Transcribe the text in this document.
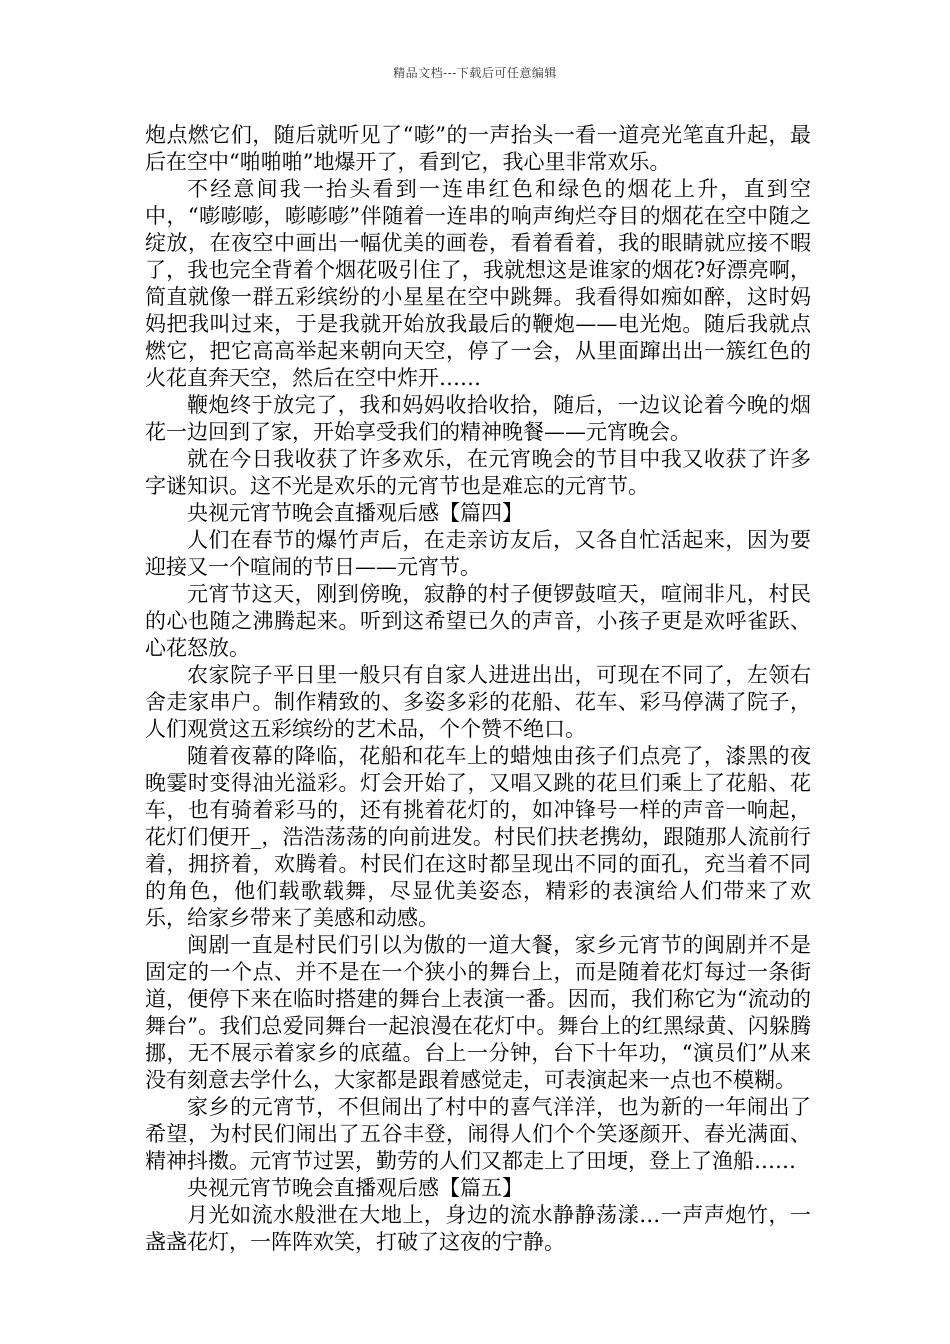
精品文档---下载后可任意编辑

炮点燃它们，随后就听见了“嘭”的一声抬头一看一道亮光笔直升起，最后在空中“啪啪啪”地爆开了，看到它，我心里非常欢乐。

不经意间我一抬头看到一连串红色和绿色的烟花上升，直到空中，“嘭嘭嘭，嘭嘭嘭”伴随着一连串的响声绚烂夺目的烟花在空中随之绽放，在夜空中画出一幅优美的画卷，看着看着，我的眼睛就应接不暇了，我也完全背着个烟花吸引住了，我就想这是谁家的烟花?好漂亮啊，简直就像一群五彩缤纷的小星星在空中跳舞。我看得如痴如醉，这时妈妈把我叫过来，于是我就开始放我最后的鞭炮——电光炮。随后我就点燃它，把它高高举起来朝向天空，停了一会，从里面蹿出出一簇红色的火花直奔天空，然后在空中炸开……

鞭炮终于放完了，我和妈妈收拾收拾，随后，一边议论着今晚的烟花一边回到了家，开始享受我们的精神晚餐——元宵晚会。

就在今日我收获了许多欢乐，在元宵晚会的节目中我又收获了许多字谜知识。这不光是欢乐的元宵节也是难忘的元宵节。

央视元宵节晚会直播观后感【篇四】

人们在春节的爆竹声后，在走亲访友后，又各自忙活起来，因为要迎接又一个喧闹的节日——元宵节。

元宵节这天，刚到傍晚，寂静的村子便锣鼓喧天，喧闹非凡，村民的心也随之沸腾起来。听到这希望已久的声音，小孩子更是欢呼雀跃、心花怒放。

农家院子平日里一般只有自家人进进出出，可现在不同了，左领右舍走家串户。制作精致的、多姿多彩的花船、花车、彩马停满了院子，人们观赏这五彩缤纷的艺术品，个个赞不绝口。

随着夜幕的降临，花船和花车上的蜡烛由孩子们点亮了，漆黑的夜晚霎时变得油光溢彩。灯会开始了，又唱又跳的花旦们乘上了花船、花车，也有骑着彩马的，还有挑着花灯的，如冲锋号一样的声音一响起，花灯们便开_，浩浩荡荡的向前进发。村民们扶老携幼，跟随那人流前行着，拥挤着，欢腾着。村民们在这时都呈现出不同的面孔，充当着不同的角色，他们载歌载舞，尽显优美姿态，精彩的表演给人们带来了欢乐，给家乡带来了美感和动感。

闽剧一直是村民们引以为傲的一道大餐，家乡元宵节的闽剧并不是固定的一个点、并不是在一个狭小的舞台上，而是随着花灯每过一条街道，便停下来在临时搭建的舞台上表演一番。因而，我们称它为“流动的舞台”。我们总爱同舞台一起浪漫在花灯中。舞台上的红黑绿黄、闪躲腾挪，无不展示着家乡的底蕴。台上一分钟，台下十年功，“演员们”从来没有刻意去学什么，大家都是跟着感觉走，可表演起来一点也不模糊。

家乡的元宵节，不但闹出了村中的喜气洋洋，也为新的一年闹出了希望，为村民们闹出了五谷丰登，闹得人们个个笑逐颜开、春光满面、精神抖擞。元宵节过罢，勤劳的人们又都走上了田埂，登上了渔船……

央视元宵节晚会直播观后感【篇五】

月光如流水般泄在大地上，身边的流水静静荡漾…一声声炮竹，一盏盏花灯，一阵阵欢笑，打破了这夜的宁静。
